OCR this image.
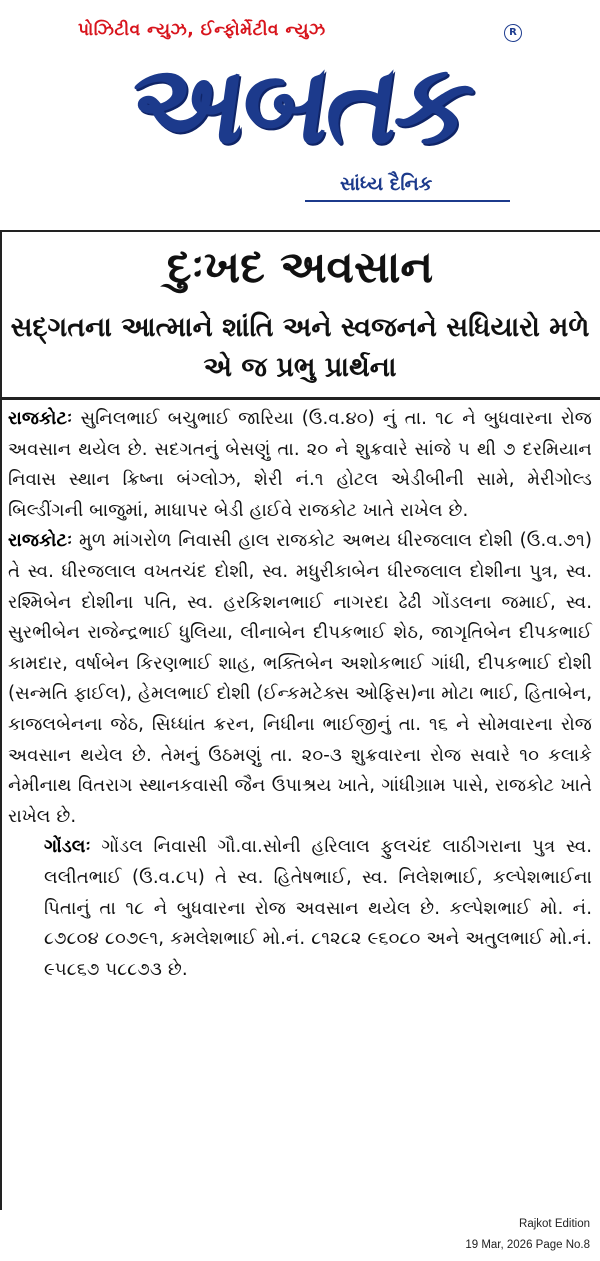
પોઝિટીવ ન્યુઝ, ઈન્ફોર્મેટીવ ન્યુઝ	R
અબતક
સાંધ્ય દૈનિક
દુઃખદ અવસાન
સદ્ગતના આત્માને શાંતિ અને સ્વજનને સધિયારો મળે એ જ પ્રભુ પ્રાર્થના

રાજકોટઃ સુનિલભાઈ બચુભાઈ જારિયા (ઉ.વ.૪૦) નું તા. ૧૮ ને બુધવારના રોજ અવસાન થયેલ છે. સદગતનું બેસણું તા. ૨૦ ને શુક્રવારે સાંજે ૫ થી ૭ દરમિયાન નિવાસ સ્થાન ક્રિષ્ના બંગ્લોઝ, શેરી નં.૧ હોટલ એડીબીની સામે, મેરીગોલ્ડ બિલ્ડીંગની બાજુમાં, માધાપર બેડી હાઈવે રાજકોટ ખાતે રાખેલ છે.

રાજકોટઃ મુળ માંગરોળ નિવાસી હાલ રાજકોટ અભય ધીરજલાલ દોશી (ઉ.વ.૭૧) તે સ્વ. ધીરજલાલ વખતચંદ દોશી, સ્વ. મધુરીકાબેન ધીરજલાલ દોશીના પુત્ર, સ્વ. રશ્મિબેન દોશીના પતિ, સ્વ. હરકિશનભાઈ નાગરદા ઢેઢી ગોંડલના જમાઈ, સ્વ. સુરભીબેન રાજેન્દ્રભાઈ ધુલિયા, લીનાબેન દીપકભાઈ શેઠ, જાગૃતિબેન દીપકભાઈ કામદાર, વર્ષાબેન કિરણભાઈ શાહ, ભક્તિબેન અશોકભાઈ ગાંધી, દીપકભાઈ દોશી (સન્મતિ ફાઈલ), હેમલભાઈ દોશી (ઈન્કમટેક્સ ઓફિસ)ના મોટા ભાઈ, હિતાબેન, કાજલબેનના જેઠ, સિધ્ધાંત ક્રરન, નિધીના ભાઈજીનું તા. ૧૬ ને સોમવારના રોજ અવસાન થયેલ છે. તેમનું ઉઠમણું તા. ૨૦-૩ શુક્રવારના રોજ સવારે ૧૦ કલાકે નેમીનાથ વિતરાગ સ્થાનકવાસી જૈન ઉપાશ્રય ખાતે, ગાંધીગ્રામ પાસે, રાજકોટ ખાતે રાખેલ છે.

ગોંડલઃ ગોંડલ નિવાસી ગૌ.વા.સોની હરિલાલ ફુલચંદ લાઠીગરાના પુત્ર સ્વ. લલીતભાઈ (ઉ.વ.૮૫) તે સ્વ. હિતેષભાઈ, સ્વ. નિલેશભાઈ, કલ્પેશભાઈના પિતાનું તા ૧૮ ને બુધવારના રોજ અવસાન થયેલ છે. કલ્પેશભાઈ મો. નં. ૮૭૮૦૪ ૮૦૭૯૧, કમલેશભાઈ મો.નં. ૮૧૨૮૨ ૯૬૦૮૦ અને અતુલભાઈ મો.નં. ૯૫૮૬૭ ૫૮૮૭૩ છે.

Rajkot Edition
19 Mar, 2026 Page No.8
